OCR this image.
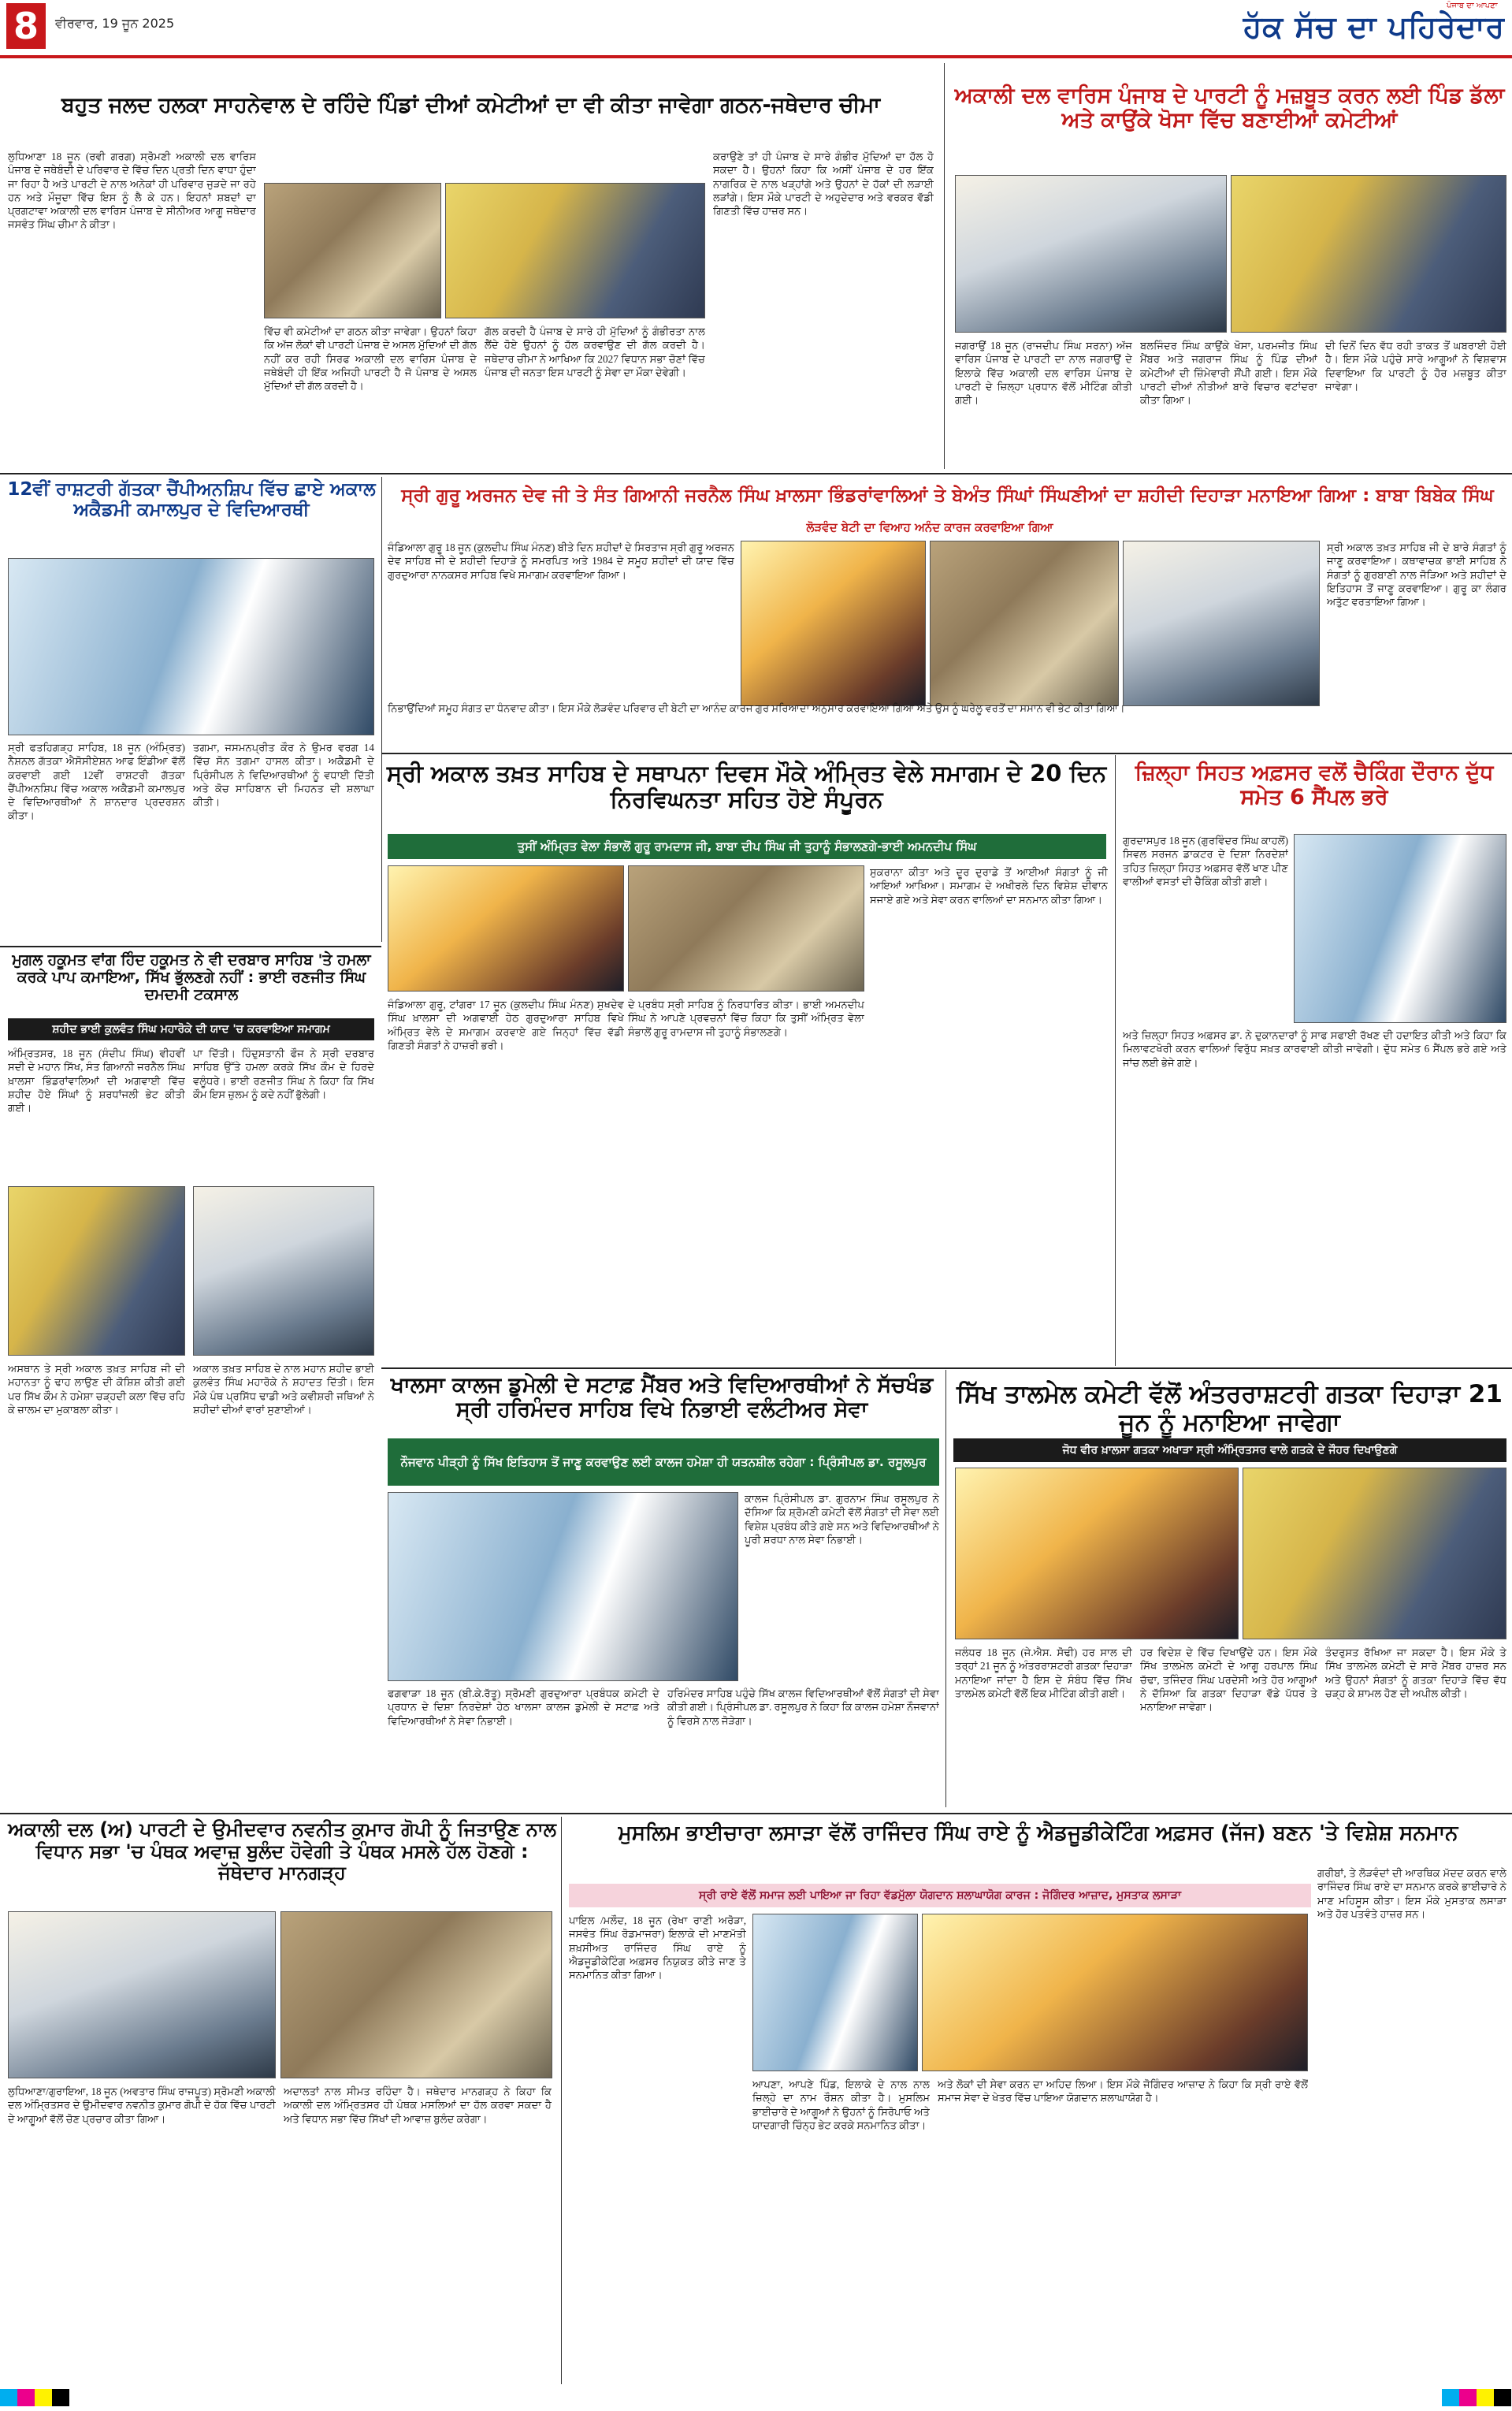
8	ਵੀਰਵਾਰ, 19 ਜੂਨ 2025
ਪੰਜਾਬ ਦਾ ਆਪਣਾ
ਹੱਕ ਸੱਚ ਦਾ ਪਹਿਰੇਦਾਰ
ਬਹੁਤ ਜਲਦ ਹਲਕਾ ਸਾਹਨੇਵਾਲ ਦੇ ਰਹਿੰਦੇ ਪਿੰਡਾਂ ਦੀਆਂ ਕਮੇਟੀਆਂ ਦਾ ਵੀ ਕੀਤਾ ਜਾਵੇਗਾ ਗਠਨ-ਜਥੇਦਾਰ ਚੀਮਾ
ਲੁਧਿਆਣਾ 18 ਜੂਨ (ਰਵੀ ਗਰਗ) ਸ੍ਰੋਮਣੀ ਅਕਾਲੀ ਦਲ ਵਾਰਿਸ ਪੰਜਾਬ ਦੇ ਜਥੇਬੰਦੀ ਦੇ ਪਰਿਵਾਰ ਦੇ ਵਿੱਚ ਦਿਨ ਪ੍ਰਤੀ ਦਿਨ ਵਾਧਾ ਹੁੰਦਾ ਜਾ ਰਿਹਾ ਹੈ ਅਤੇ ਪਾਰਟੀ ਦੇ ਨਾਲ ਅਨੇਕਾਂ ਹੀ ਪਰਿਵਾਰ ਜੁੜਦੇ ਜਾ ਰਹੇ ਹਨ ਅਤੇ ਮੌਜੂਦਾ ਵਿੱਚ ਇਸ ਨੂੰ ਲੈ ਕੇ ਹਨ। ਇਹਨਾਂ ਸ਼ਬਦਾਂ ਦਾ ਪ੍ਰਗਟਾਵਾ ਅਕਾਲੀ ਦਲ ਵਾਰਿਸ ਪੰਜਾਬ ਦੇ ਸੀਨੀਅਰ ਆਗੂ ਜਥੇਦਾਰ ਜਸਵੰਤ ਸਿੰਘ ਚੀਮਾ ਨੇ ਕੀਤਾ।
ਵਿੱਚ ਵੀ ਕਮੇਟੀਆਂ ਦਾ ਗਠਨ ਕੀਤਾ ਜਾਵੇਗਾ। ਉਹਨਾਂ ਕਿਹਾ ਕਿ ਅੱਜ ਲੋਕਾਂ ਵੀ ਪਾਰਟੀ ਪੰਜਾਬ ਦੇ ਅਸਲ ਮੁੱਦਿਆਂ ਦੀ ਗੱਲ ਨਹੀਂ ਕਰ ਰਹੀ ਸਿਰਫ ਅਕਾਲੀ ਦਲ ਵਾਰਿਸ ਪੰਜਾਬ ਦੇ ਜਥੇਬੰਦੀ ਹੀ ਇੱਕ ਅਜਿਹੀ ਪਾਰਟੀ ਹੈ ਜੋ ਪੰਜਾਬ ਦੇ ਅਸਲ ਮੁੱਦਿਆਂ ਦੀ ਗੱਲ ਕਰਦੀ ਹੈ।
ਗੱਲ ਕਰਦੀ ਹੈ ਪੰਜਾਬ ਦੇ ਸਾਰੇ ਹੀ ਮੁੱਦਿਆਂ ਨੂੰ ਗੰਭੀਰਤਾ ਨਾਲ ਲੈਂਦੇ ਹੋਏ ਉਹਨਾਂ ਨੂੰ ਹੱਲ ਕਰਵਾਉਣ ਦੀ ਗੱਲ ਕਰਦੀ ਹੈ। ਜਥੇਦਾਰ ਚੀਮਾ ਨੇ ਆਖਿਆ ਕਿ 2027 ਵਿਧਾਨ ਸਭਾ ਚੋਣਾਂ ਵਿੱਚ ਪੰਜਾਬ ਦੀ ਜਨਤਾ ਇਸ ਪਾਰਟੀ ਨੂੰ ਸੇਵਾ ਦਾ ਮੌਕਾ ਦੇਵੇਗੀ।
ਕਰਾਉਣੇ ਤਾਂ ਹੀ ਪੰਜਾਬ ਦੇ ਸਾਰੇ ਗੰਭੀਰ ਮੁੱਦਿਆਂ ਦਾ ਹੱਲ ਹੋ ਸਕਦਾ ਹੈ। ਉਹਨਾਂ ਕਿਹਾ ਕਿ ਅਸੀਂ ਪੰਜਾਬ ਦੇ ਹਰ ਇੱਕ ਨਾਗਰਿਕ ਦੇ ਨਾਲ ਖੜ੍ਹਾਂਗੇ ਅਤੇ ਉਹਨਾਂ ਦੇ ਹੱਕਾਂ ਦੀ ਲੜਾਈ ਲੜਾਂਗੇ। ਇਸ ਮੌਕੇ ਪਾਰਟੀ ਦੇ ਅਹੁਦੇਦਾਰ ਅਤੇ ਵਰਕਰ ਵੱਡੀ ਗਿਣਤੀ ਵਿੱਚ ਹਾਜ਼ਰ ਸਨ।
ਅਕਾਲੀ ਦਲ ਵਾਰਿਸ ਪੰਜਾਬ ਦੇ ਪਾਰਟੀ ਨੂੰ ਮਜ਼ਬੂਤ ਕਰਨ ਲਈ ਪਿੰਡ ਡੱਲਾ ਅਤੇ ਕਾਉਂਕੇ ਖੋਸਾ ਵਿੱਚ ਬਣਾਈਆਂ ਕਮੇਟੀਆਂ
ਜਗਰਾਉਂ 18 ਜੂਨ (ਰਾਜਦੀਪ ਸਿੰਘ ਸਰਨਾ) ਅੱਜ ਵਾਰਿਸ ਪੰਜਾਬ ਦੇ ਪਾਰਟੀ ਦਾ ਨਾਲ ਜਗਰਾਉਂ ਦੇ ਇਲਾਕੇ ਵਿੱਚ ਅਕਾਲੀ ਦਲ ਵਾਰਿਸ ਪੰਜਾਬ ਦੇ ਪਾਰਟੀ ਦੇ ਜ਼ਿਲ੍ਹਾ ਪ੍ਰਧਾਨ ਵੱਲੋਂ ਮੀਟਿੰਗ ਕੀਤੀ ਗਈ।
ਬਲਜਿੰਦਰ ਸਿੰਘ ਕਾਉਂਕੇ ਖੋਸਾ, ਪਰਮਜੀਤ ਸਿੰਘ ਮੈਂਬਰ ਅਤੇ ਜਗਰਾਜ ਸਿੰਘ ਨੂੰ ਪਿੰਡ ਦੀਆਂ ਕਮੇਟੀਆਂ ਦੀ ਜ਼ਿੰਮੇਵਾਰੀ ਸੌਂਪੀ ਗਈ। ਇਸ ਮੌਕੇ ਪਾਰਟੀ ਦੀਆਂ ਨੀਤੀਆਂ ਬਾਰੇ ਵਿਚਾਰ ਵਟਾਂਦਰਾ ਕੀਤਾ ਗਿਆ।
ਦੀ ਦਿਨੋਂ ਦਿਨ ਵੱਧ ਰਹੀ ਤਾਕਤ ਤੋਂ ਘਬਰਾਈ ਹੋਈ ਹੈ। ਇਸ ਮੌਕੇ ਪਹੁੰਚੇ ਸਾਰੇ ਆਗੂਆਂ ਨੇ ਵਿਸ਼ਵਾਸ ਦਿਵਾਇਆ ਕਿ ਪਾਰਟੀ ਨੂੰ ਹੋਰ ਮਜ਼ਬੂਤ ਕੀਤਾ ਜਾਵੇਗਾ।
12ਵੀਂ ਰਾਸ਼ਟਰੀ ਗੱਤਕਾ ਚੈਂਪੀਅਨਸ਼ਿਪ ਵਿੱਚ ਛਾਏ ਅਕਾਲ ਅਕੈਡਮੀ ਕਮਾਲਪੁਰ ਦੇ ਵਿਦਿਆਰਥੀ
ਸ੍ਰੀ ਫਤਹਿਗੜ੍ਹ ਸਾਹਿਬ, 18 ਜੂਨ (ਅੰਮ੍ਰਿਤ) ਨੈਸ਼ਨਲ ਗੱਤਕਾ ਐਸੋਸੀਏਸ਼ਨ ਆਫ ਇੰਡੀਆ ਵੱਲੋਂ ਕਰਵਾਈ ਗਈ 12ਵੀਂ ਰਾਸ਼ਟਰੀ ਗੱਤਕਾ ਚੈਂਪੀਅਨਸ਼ਿਪ ਵਿੱਚ ਅਕਾਲ ਅਕੈਡਮੀ ਕਮਾਲਪੁਰ ਦੇ ਵਿਦਿਆਰਥੀਆਂ ਨੇ ਸ਼ਾਨਦਾਰ ਪ੍ਰਦਰਸ਼ਨ ਕੀਤਾ।
ਤਗਮਾ, ਜਸਮਨਪ੍ਰੀਤ ਕੌਰ ਨੇ ਉਮਰ ਵਰਗ 14 ਵਿੱਚ ਸੋਨ ਤਗਮਾ ਹਾਸਲ ਕੀਤਾ। ਅਕੈਡਮੀ ਦੇ ਪ੍ਰਿੰਸੀਪਲ ਨੇ ਵਿਦਿਆਰਥੀਆਂ ਨੂੰ ਵਧਾਈ ਦਿੱਤੀ ਅਤੇ ਕੋਚ ਸਾਹਿਬਾਨ ਦੀ ਮਿਹਨਤ ਦੀ ਸ਼ਲਾਘਾ ਕੀਤੀ।
ਸ੍ਰੀ ਗੁਰੂ ਅਰਜਨ ਦੇਵ ਜੀ ਤੇ ਸੰਤ ਗਿਆਨੀ ਜਰਨੈਲ ਸਿੰਘ ਖ਼ਾਲਸਾ ਭਿੰਡਰਾਂਵਾਲਿਆਂ ਤੇ ਬੇਅੰਤ ਸਿੰਘਾਂ ਸਿੰਘਣੀਆਂ ਦਾ ਸ਼ਹੀਦੀ ਦਿਹਾੜਾ ਮਨਾਇਆ ਗਿਆ : ਬਾਬਾ ਬਿਬੇਕ ਸਿੰਘ
ਲੋੜਵੰਦ ਬੇਟੀ ਦਾ ਵਿਆਹ ਅਨੰਦ ਕਾਰਜ ਕਰਵਾਇਆ ਗਿਆ
ਜੰਡਿਆਲਾ ਗੁਰੂ 18 ਜੂਨ (ਕੁਲਦੀਪ ਸਿੰਘ ਮੰਨਣ) ਬੀਤੇ ਦਿਨ ਸ਼ਹੀਦਾਂ ਦੇ ਸਿਰਤਾਜ ਸ੍ਰੀ ਗੁਰੂ ਅਰਜਨ ਦੇਵ ਸਾਹਿਬ ਜੀ ਦੇ ਸ਼ਹੀਦੀ ਦਿਹਾੜੇ ਨੂੰ ਸਮਰਪਿਤ ਅਤੇ 1984 ਦੇ ਸਮੂਹ ਸ਼ਹੀਦਾਂ ਦੀ ਯਾਦ ਵਿੱਚ ਗੁਰਦੁਆਰਾ ਨਾਨਕਸਰ ਸਾਹਿਬ ਵਿਖੇ ਸਮਾਗਮ ਕਰਵਾਇਆ ਗਿਆ।
ਨਿਭਾਉਂਦਿਆਂ ਸਮੂਹ ਸੰਗਤ ਦਾ ਧੰਨਵਾਦ ਕੀਤਾ। ਇਸ ਮੌਕੇ ਲੋੜਵੰਦ ਪਰਿਵਾਰ ਦੀ ਬੇਟੀ ਦਾ ਆਨੰਦ ਕਾਰਜ ਗੁਰ ਮਰਿਆਦਾ ਅਨੁਸਾਰ ਕਰਵਾਇਆ ਗਿਆ ਅਤੇ ਉਸ ਨੂੰ ਘਰੇਲੂ ਵਰਤੋਂ ਦਾ ਸਮਾਨ ਵੀ ਭੇਟ ਕੀਤਾ ਗਿਆ।
ਸ੍ਰੀ ਅਕਾਲ ਤਖ਼ਤ ਸਾਹਿਬ ਜੀ ਦੇ ਬਾਰੇ ਸੰਗਤਾਂ ਨੂੰ ਜਾਣੂ ਕਰਵਾਇਆ। ਕਥਾਵਾਚਕ ਭਾਈ ਸਾਹਿਬ ਨੇ ਸੰਗਤਾਂ ਨੂੰ ਗੁਰਬਾਣੀ ਨਾਲ ਜੋੜਿਆ ਅਤੇ ਸ਼ਹੀਦਾਂ ਦੇ ਇਤਿਹਾਸ ਤੋਂ ਜਾਣੂ ਕਰਵਾਇਆ। ਗੁਰੂ ਕਾ ਲੰਗਰ ਅਤੁੱਟ ਵਰਤਾਇਆ ਗਿਆ।
ਸ੍ਰੀ ਅਕਾਲ ਤਖ਼ਤ ਸਾਹਿਬ ਦੇ ਸਥਾਪਨਾ ਦਿਵਸ ਮੌਕੇ ਅੰਮ੍ਰਿਤ ਵੇਲੇ ਸਮਾਗਮ ਦੇ 20 ਦਿਨ ਨਿਰਵਿਘਨਤਾ ਸਹਿਤ ਹੋਏ ਸੰਪੂਰਨ
ਤੁਸੀਂ ਅੰਮ੍ਰਿਤ ਵੇਲਾ ਸੰਭਾਲੋਂ ਗੁਰੂ ਰਾਮਦਾਸ ਜੀ, ਬਾਬਾ ਦੀਪ ਸਿੰਘ ਜੀ ਤੁਹਾਨੂੰ ਸੰਭਾਲਣਗੇ-ਭਾਈ ਅਮਨਦੀਪ ਸਿੰਘ
ਸੁਕਰਾਨਾ ਕੀਤਾ ਅਤੇ ਦੂਰ ਦੁਰਾਡੇ ਤੋਂ ਆਈਆਂ ਸੰਗਤਾਂ ਨੂੰ ਜੀ ਆਇਆਂ ਆਖਿਆ। ਸਮਾਗਮ ਦੇ ਅਖੀਰਲੇ ਦਿਨ ਵਿਸ਼ੇਸ਼ ਦੀਵਾਨ ਸਜਾਏ ਗਏ ਅਤੇ ਸੇਵਾ ਕਰਨ ਵਾਲਿਆਂ ਦਾ ਸਨਮਾਨ ਕੀਤਾ ਗਿਆ।
ਜੰਡਿਆਲਾ ਗੁਰੂ, ਟਾਂਗਰਾ 17 ਜੂਨ (ਕੁਲਦੀਪ ਸਿੰਘ ਮੰਨਣ) ਸੁਖਦੇਵ ਸਿੰਘ ਖ਼ਾਲਸਾ ਦੀ ਅਗਵਾਈ ਹੇਠ ਗੁਰਦੁਆਰਾ ਸਾਹਿਬ ਵਿਖੇ ਅੰਮ੍ਰਿਤ ਵੇਲੇ ਦੇ ਸਮਾਗਮ ਕਰਵਾਏ ਗਏ ਜਿਨ੍ਹਾਂ ਵਿੱਚ ਵੱਡੀ ਗਿਣਤੀ ਸੰਗਤਾਂ ਨੇ ਹਾਜ਼ਰੀ ਭਰੀ।
ਦੇ ਪ੍ਰਬੰਧ ਸ੍ਰੀ ਸਾਹਿਬ ਨੂੰ ਨਿਰਧਾਰਿਤ ਕੀਤਾ। ਭਾਈ ਅਮਨਦੀਪ ਸਿੰਘ ਨੇ ਆਪਣੇ ਪ੍ਰਵਚਨਾਂ ਵਿੱਚ ਕਿਹਾ ਕਿ ਤੁਸੀਂ ਅੰਮ੍ਰਿਤ ਵੇਲਾ ਸੰਭਾਲੋਂ ਗੁਰੂ ਰਾਮਦਾਸ ਜੀ ਤੁਹਾਨੂੰ ਸੰਭਾਲਣਗੇ।
ਜ਼ਿਲ੍ਹਾ ਸਿਹਤ ਅਫ਼ਸਰ ਵਲੋਂ ਚੈਕਿੰਗ ਦੌਰਾਨ ਦੁੱਧ ਸਮੇਤ 6 ਸੈਂਪਲ ਭਰੇ
ਗੁਰਦਾਸਪੁਰ 18 ਜੂਨ (ਗੁਰਵਿੰਦਰ ਸਿੰਘ ਕਾਹਲੋਂ) ਸਿਵਲ ਸਰਜਨ ਡਾਕਟਰ ਦੇ ਦਿਸ਼ਾ ਨਿਰਦੇਸ਼ਾਂ ਤਹਿਤ ਜ਼ਿਲ੍ਹਾ ਸਿਹਤ ਅਫ਼ਸਰ ਵੱਲੋਂ ਖਾਣ ਪੀਣ ਵਾਲੀਆਂ ਵਸਤਾਂ ਦੀ ਚੈਕਿੰਗ ਕੀਤੀ ਗਈ।
ਅਤੇ ਜ਼ਿਲ੍ਹਾ ਸਿਹਤ ਅਫ਼ਸਰ ਡਾ. ਨੇ ਦੁਕਾਨਦਾਰਾਂ ਨੂੰ ਸਾਫ ਸਫਾਈ ਰੱਖਣ ਦੀ ਹਦਾਇਤ ਕੀਤੀ ਅਤੇ ਕਿਹਾ ਕਿ ਮਿਲਾਵਟਖੋਰੀ ਕਰਨ ਵਾਲਿਆਂ ਵਿਰੁੱਧ ਸਖ਼ਤ ਕਾਰਵਾਈ ਕੀਤੀ ਜਾਵੇਗੀ। ਦੁੱਧ ਸਮੇਤ 6 ਸੈਂਪਲ ਭਰੇ ਗਏ ਅਤੇ ਜਾਂਚ ਲਈ ਭੇਜੇ ਗਏ।
ਮੁਗਲ ਹਕੂਮਤ ਵਾਂਗ ਹਿੰਦ ਹਕੂਮਤ ਨੇ ਵੀ ਦਰਬਾਰ ਸਾਹਿਬ 'ਤੇ ਹਮਲਾ ਕਰਕੇ ਪਾਪ ਕਮਾਇਆ, ਸਿੱਖ ਭੁੱਲਣਗੇ ਨਹੀਂ : ਭਾਈ ਰਣਜੀਤ ਸਿੰਘ ਦਮਦਮੀ ਟਕਸਾਲ
ਸ਼ਹੀਦ ਭਾਈ ਕੁਲਵੰਤ ਸਿੰਘ ਮਹਾਰੋਕੇ ਦੀ ਯਾਦ 'ਚ ਕਰਵਾਇਆ ਸਮਾਗਮ
ਅੰਮ੍ਰਿਤਸਰ, 18 ਜੂਨ (ਸੰਦੀਪ ਸਿੰਘ) ਵੀਹਵੀਂ ਸਦੀ ਦੇ ਮਹਾਨ ਸਿੱਖ, ਸੰਤ ਗਿਆਨੀ ਜਰਨੈਲ ਸਿੰਘ ਖ਼ਾਲਸਾ ਭਿੰਡਰਾਂਵਾਲਿਆਂ ਦੀ ਅਗਵਾਈ ਵਿੱਚ ਸ਼ਹੀਦ ਹੋਏ ਸਿੰਘਾਂ ਨੂੰ ਸ਼ਰਧਾਂਜਲੀ ਭੇਟ ਕੀਤੀ ਗਈ।
ਪਾ ਦਿੱਤੀ। ਹਿੰਦੁਸਤਾਨੀ ਫੌਜ ਨੇ ਸ੍ਰੀ ਦਰਬਾਰ ਸਾਹਿਬ ਉੱਤੇ ਹਮਲਾ ਕਰਕੇ ਸਿੱਖ ਕੌਮ ਦੇ ਹਿਰਦੇ ਵਲੂੰਧਰੇ। ਭਾਈ ਰਣਜੀਤ ਸਿੰਘ ਨੇ ਕਿਹਾ ਕਿ ਸਿੱਖ ਕੌਮ ਇਸ ਜ਼ੁਲਮ ਨੂੰ ਕਦੇ ਨਹੀਂ ਭੁੱਲੇਗੀ।
ਅਸਥਾਨ ਤੇ ਸ੍ਰੀ ਅਕਾਲ ਤਖ਼ਤ ਸਾਹਿਬ ਜੀ ਦੀ ਮਹਾਨਤਾ ਨੂੰ ਢਾਹ ਲਾਉਣ ਦੀ ਕੋਸ਼ਿਸ਼ ਕੀਤੀ ਗਈ ਪਰ ਸਿੱਖ ਕੌਮ ਨੇ ਹਮੇਸ਼ਾ ਚੜ੍ਹਦੀ ਕਲਾ ਵਿੱਚ ਰਹਿ ਕੇ ਜ਼ਾਲਮ ਦਾ ਮੁਕਾਬਲਾ ਕੀਤਾ।
ਅਕਾਲ ਤਖ਼ਤ ਸਾਹਿਬ ਦੇ ਨਾਲ ਮਹਾਨ ਸ਼ਹੀਦ ਭਾਈ ਕੁਲਵੰਤ ਸਿੰਘ ਮਹਾਰੋਕੇ ਨੇ ਸ਼ਹਾਦਤ ਦਿੱਤੀ। ਇਸ ਮੌਕੇ ਪੰਥ ਪ੍ਰਸਿੱਧ ਢਾਡੀ ਅਤੇ ਕਵੀਸ਼ਰੀ ਜਥਿਆਂ ਨੇ ਸ਼ਹੀਦਾਂ ਦੀਆਂ ਵਾਰਾਂ ਸੁਣਾਈਆਂ।
ਖਾਲਸਾ ਕਾਲਜ ਡੁਮੇਲੀ ਦੇ ਸਟਾਫ਼ ਮੈਂਬਰ ਅਤੇ ਵਿਦਿਆਰਥੀਆਂ ਨੇ ਸੱਚਖੰਡ ਸ੍ਰੀ ਹਰਿਮੰਦਰ ਸਾਹਿਬ ਵਿਖੇ ਨਿਭਾਈ ਵਲੰਟੀਅਰ ਸੇਵਾ
ਨੌਜਵਾਨ ਪੀੜ੍ਹੀ ਨੂੰ ਸਿੱਖ ਇਤਿਹਾਸ ਤੋਂ ਜਾਣੂ ਕਰਵਾਉਣ ਲਈ ਕਾਲਜ ਹਮੇਸ਼ਾ ਹੀ ਯਤਨਸ਼ੀਲ ਰਹੇਗਾ : ਪ੍ਰਿੰਸੀਪਲ ਡਾ. ਰਸੂਲਪੁਰ
ਕਾਲਜ ਪ੍ਰਿੰਸੀਪਲ ਡਾ. ਗੁਰਨਾਮ ਸਿੰਘ ਰਸੂਲਪੁਰ ਨੇ ਦੱਸਿਆ ਕਿ ਸ਼੍ਰੋਮਣੀ ਕਮੇਟੀ ਵੱਲੋਂ ਸੰਗਤਾਂ ਦੀ ਸੇਵਾ ਲਈ ਵਿਸ਼ੇਸ਼ ਪ੍ਰਬੰਧ ਕੀਤੇ ਗਏ ਸਨ ਅਤੇ ਵਿਦਿਆਰਥੀਆਂ ਨੇ ਪੂਰੀ ਸ਼ਰਧਾ ਨਾਲ ਸੇਵਾ ਨਿਭਾਈ।
ਫਗਵਾੜਾ 18 ਜੂਨ (ਬੀ.ਕੇ.ਰੱਤੂ) ਸ੍ਰੋਮਣੀ ਗੁਰਦੁਆਰਾ ਪ੍ਰਬੰਧਕ ਕਮੇਟੀ ਦੇ ਪ੍ਰਧਾਨ ਦੇ ਦਿਸ਼ਾ ਨਿਰਦੇਸ਼ਾਂ ਹੇਠ ਖਾਲਸਾ ਕਾਲਜ ਡੁਮੇਲੀ ਦੇ ਸਟਾਫ਼ ਅਤੇ ਵਿਦਿਆਰਥੀਆਂ ਨੇ ਸੇਵਾ ਨਿਭਾਈ।
ਹਰਿਮੰਦਰ ਸਾਹਿਬ ਪਹੁੰਚੇ ਸਿੱਖ ਕਾਲਜ ਵਿਦਿਆਰਥੀਆਂ ਵੱਲੋਂ ਸੰਗਤਾਂ ਦੀ ਸੇਵਾ ਕੀਤੀ ਗਈ। ਪ੍ਰਿੰਸੀਪਲ ਡਾ. ਰਸੂਲਪੁਰ ਨੇ ਕਿਹਾ ਕਿ ਕਾਲਜ ਹਮੇਸ਼ਾ ਨੌਜਵਾਨਾਂ ਨੂੰ ਵਿਰਸੇ ਨਾਲ ਜੋੜੇਗਾ।
ਸਿੱਖ ਤਾਲਮੇਲ ਕਮੇਟੀ ਵੱਲੋਂ ਅੰਤਰਰਾਸ਼ਟਰੀ ਗਤਕਾ ਦਿਹਾੜਾ 21 ਜੂਨ ਨੂੰ ਮਨਾਇਆ ਜਾਵੇਗਾ
ਜੋਧ ਵੀਰ ਖ਼ਾਲਸਾ ਗਤਕਾ ਅਖਾੜਾ ਸ੍ਰੀ ਅੰਮ੍ਰਿਤਸਰ ਵਾਲੇ ਗਤਕੇ ਦੇ ਜੌਹਰ ਦਿਖਾਉਣਗੇ
ਜਲੰਧਰ 18 ਜੂਨ (ਜੇ.ਐਸ. ਸੋਢੀ) ਹਰ ਸਾਲ ਦੀ ਤਰ੍ਹਾਂ 21 ਜੂਨ ਨੂੰ ਅੰਤਰਰਾਸ਼ਟਰੀ ਗਤਕਾ ਦਿਹਾੜਾ ਮਨਾਇਆ ਜਾਂਦਾ ਹੈ ਇਸ ਦੇ ਸੰਬੰਧ ਵਿੱਚ ਸਿੱਖ ਤਾਲਮੇਲ ਕਮੇਟੀ ਵੱਲੋਂ ਇਕ ਮੀਟਿੰਗ ਕੀਤੀ ਗਈ।
ਹਰ ਵਿਦੇਸ਼ ਦੇ ਵਿੱਚ ਦਿਖਾਉਂਦੇ ਹਨ। ਇਸ ਮੌਕੇ ਸਿੱਖ ਤਾਲਮੇਲ ਕਮੇਟੀ ਦੇ ਆਗੂ ਹਰਪਾਲ ਸਿੰਘ ਚੱਢਾ, ਤਜਿੰਦਰ ਸਿੰਘ ਪਰਦੇਸੀ ਅਤੇ ਹੋਰ ਆਗੂਆਂ ਨੇ ਦੱਸਿਆ ਕਿ ਗਤਕਾ ਦਿਹਾੜਾ ਵੱਡੇ ਪੱਧਰ ਤੇ ਮਨਾਇਆ ਜਾਵੇਗਾ।
ਤੰਦਰੁਸਤ ਰੱਖਿਆ ਜਾ ਸਕਦਾ ਹੈ। ਇਸ ਮੌਕੇ ਤੇ ਸਿੱਖ ਤਾਲਮੇਲ ਕਮੇਟੀ ਦੇ ਸਾਰੇ ਮੈਂਬਰ ਹਾਜ਼ਰ ਸਨ ਅਤੇ ਉਹਨਾਂ ਸੰਗਤਾਂ ਨੂੰ ਗਤਕਾ ਦਿਹਾੜੇ ਵਿੱਚ ਵੱਧ ਚੜ੍ਹ ਕੇ ਸ਼ਾਮਲ ਹੋਣ ਦੀ ਅਪੀਲ ਕੀਤੀ।
ਅਕਾਲੀ ਦਲ (ਅ) ਪਾਰਟੀ ਦੇ ਉਮੀਦਵਾਰ ਨਵਨੀਤ ਕੁਮਾਰ ਗੋਪੀ ਨੂੰ ਜਿਤਾਉਣ ਨਾਲ ਵਿਧਾਨ ਸਭਾ 'ਚ ਪੰਥਕ ਅਵਾਜ਼ ਬੁਲੰਦ ਹੋਵੇਗੀ ਤੇ ਪੰਥਕ ਮਸਲੇ ਹੱਲ ਹੋਣਗੇ : ਜੱਥੇਦਾਰ ਮਾਨਗੜ੍ਹ
ਲੁਧਿਆਣਾ/ਗੁਰਾਇਆ, 18 ਜੂਨ (ਅਵਤਾਰ ਸਿੰਘ ਰਾਜਪੂਤ) ਸ੍ਰੋਮਣੀ ਅਕਾਲੀ ਦਲ ਅੰਮ੍ਰਿਤਸਰ ਦੇ ਉਮੀਦਵਾਰ ਨਵਨੀਤ ਕੁਮਾਰ ਗੋਪੀ ਦੇ ਹੱਕ ਵਿੱਚ ਪਾਰਟੀ ਦੇ ਆਗੂਆਂ ਵੱਲੋਂ ਚੋਣ ਪ੍ਰਚਾਰ ਕੀਤਾ ਗਿਆ।
ਅਦਾਲਤਾਂ ਨਾਲ ਸੀਮਤ ਰਹਿੰਦਾ ਹੈ। ਜਥੇਦਾਰ ਮਾਨਗੜ੍ਹ ਨੇ ਕਿਹਾ ਕਿ ਅਕਾਲੀ ਦਲ ਅੰਮ੍ਰਿਤਸਰ ਹੀ ਪੰਥਕ ਮਸਲਿਆਂ ਦਾ ਹੱਲ ਕਰਵਾ ਸਕਦਾ ਹੈ ਅਤੇ ਵਿਧਾਨ ਸਭਾ ਵਿੱਚ ਸਿੱਖਾਂ ਦੀ ਆਵਾਜ਼ ਬੁਲੰਦ ਕਰੇਗਾ।
ਮੁਸਲਿਮ ਭਾਈਚਾਰਾ ਲਸਾੜਾ ਵੱਲੋਂ ਰਾਜਿੰਦਰ ਸਿੰਘ ਰਾਏ ਨੂੰ ਐਡਜੂਡੀਕੇਟਿੰਗ ਅਫ਼ਸਰ (ਜੱਜ) ਬਣਨ 'ਤੇ ਵਿਸ਼ੇਸ਼ ਸਨਮਾਨ
ਸ੍ਰੀ ਰਾਏ ਵੱਲੋਂ ਸਮਾਜ ਲਈ ਪਾਇਆ ਜਾ ਰਿਹਾ ਵੱਡਮੁੱਲਾ ਯੋਗਦਾਨ ਸ਼ਲਾਘਾਯੋਗ ਕਾਰਜ : ਜੋਗਿੰਦਰ ਆਜ਼ਾਦ, ਮੁਸਤਾਕ ਲਸਾੜਾ
ਪਾਇਲ /ਮਲੌਦ, 18 ਜੂਨ (ਰੇਖਾ ਰਾਣੀ ਅਰੋੜਾ, ਜਸਵੰਤ ਸਿੰਘ ਰੋਡਮਾਜਰਾ) ਇਲਾਕੇ ਦੀ ਮਾਣਮੱਤੀ ਸ਼ਖ਼ਸੀਅਤ ਰਾਜਿੰਦਰ ਸਿੰਘ ਰਾਏ ਨੂੰ ਐਡਜੂਡੀਕੇਟਿੰਗ ਅਫ਼ਸਰ ਨਿਯੁਕਤ ਕੀਤੇ ਜਾਣ ਤੇ ਸਨਮਾਨਿਤ ਕੀਤਾ ਗਿਆ।
ਆਪਣਾ, ਆਪਣੇ ਪਿੰਡ, ਇਲਾਕੇ ਦੇ ਨਾਲ ਨਾਲ ਜ਼ਿਲ੍ਹੇ ਦਾ ਨਾਮ ਰੌਸ਼ਨ ਕੀਤਾ ਹੈ। ਮੁਸਲਿਮ ਭਾਈਚਾਰੇ ਦੇ ਆਗੂਆਂ ਨੇ ਉਹਨਾਂ ਨੂੰ ਸਿਰੋਪਾਓ ਅਤੇ ਯਾਦਗਾਰੀ ਚਿੰਨ੍ਹ ਭੇਟ ਕਰਕੇ ਸਨਮਾਨਿਤ ਕੀਤਾ।
ਅਤੇ ਲੋਕਾਂ ਦੀ ਸੇਵਾ ਕਰਨ ਦਾ ਅਹਿਦ ਲਿਆ। ਇਸ ਮੌਕੇ ਜੋਗਿੰਦਰ ਆਜ਼ਾਦ ਨੇ ਕਿਹਾ ਕਿ ਸ੍ਰੀ ਰਾਏ ਵੱਲੋਂ ਸਮਾਜ ਸੇਵਾ ਦੇ ਖੇਤਰ ਵਿੱਚ ਪਾਇਆ ਯੋਗਦਾਨ ਸ਼ਲਾਘਾਯੋਗ ਹੈ।
ਗਰੀਬਾਂ, ਤੇ ਲੋੜਵੰਦਾਂ ਦੀ ਆਰਥਿਕ ਮੱਦਦ ਕਰਨ ਵਾਲੇ ਰਾਜਿੰਦਰ ਸਿੰਘ ਰਾਏ ਦਾ ਸਨਮਾਨ ਕਰਕੇ ਭਾਈਚਾਰੇ ਨੇ ਮਾਣ ਮਹਿਸੂਸ ਕੀਤਾ। ਇਸ ਮੌਕੇ ਮੁਸਤਾਕ ਲਸਾੜਾ ਅਤੇ ਹੋਰ ਪਤਵੰਤੇ ਹਾਜ਼ਰ ਸਨ।
